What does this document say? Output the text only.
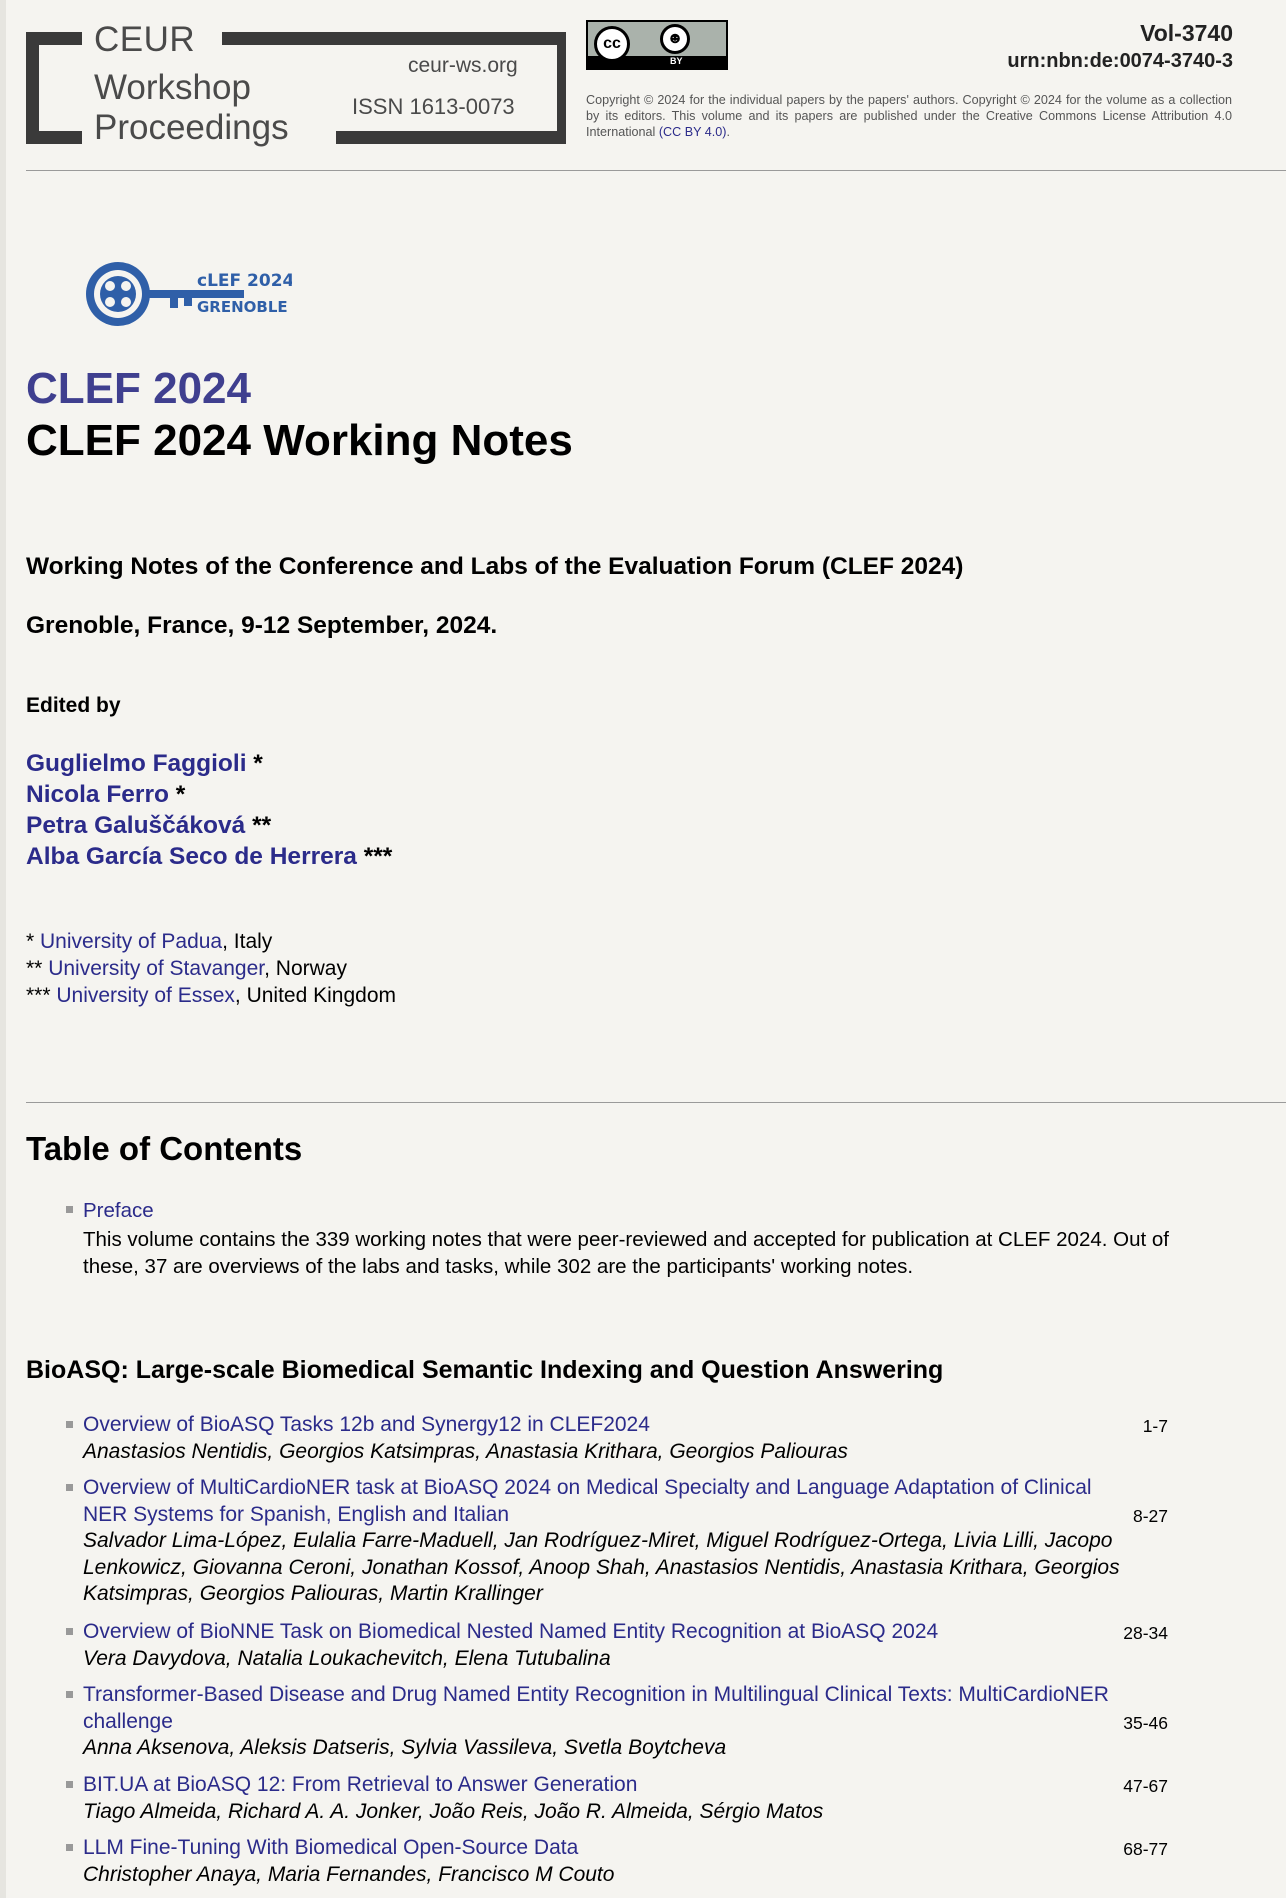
CEUR
Workshop
Proceedings
ceur-ws.org
ISSN 1613-0073
cc	☻
BY
Vol-3740
urn:nbn:de:0074-3740-3
Copyright © 2024 for the individual papers by the papers' authors. Copyright © 2024 for the volume as a collection by its editors. This volume and its papers are published under the Creative Commons License Attribution 4.0 International (CC BY 4.0).
cLEF 2024
GRENOBLE
CLEF 2024
CLEF 2024 Working Notes
Working Notes of the Conference and Labs of the Evaluation Forum (CLEF 2024)
Grenoble, France, 9-12 September, 2024.
Edited by
Guglielmo Faggioli *
Nicola Ferro *
Petra Galuščáková **
Alba García Seco de Herrera ***
* University of Padua, Italy
** University of Stavanger, Norway
*** University of Essex, United Kingdom
Table of Contents
Preface
This volume contains the 339 working notes that were peer-reviewed and accepted for publication at CLEF 2024. Out of these, 37 are overviews of the labs and tasks, while 302 are the participants' working notes.
BioASQ: Large-scale Biomedical Semantic Indexing and Question Answering
Overview of BioASQ Tasks 12b and Synergy12 in CLEF2024
Anastasios Nentidis, Georgios Katsimpras, Anastasia Krithara, Georgios Paliouras
1-7
Overview of MultiCardioNER task at BioASQ 2024 on Medical Specialty and Language Adaptation of Clinical NER Systems for Spanish, English and Italian
Salvador Lima-López, Eulalia Farre-Maduell, Jan Rodríguez-Miret, Miguel Rodríguez-Ortega, Livia Lilli, Jacopo Lenkowicz, Giovanna Ceroni, Jonathan Kossof, Anoop Shah, Anastasios Nentidis, Anastasia Krithara, Georgios Katsimpras, Georgios Paliouras, Martin Krallinger
8-27
Overview of BioNNE Task on Biomedical Nested Named Entity Recognition at BioASQ 2024
Vera Davydova, Natalia Loukachevitch, Elena Tutubalina
28-34
Transformer-Based Disease and Drug Named Entity Recognition in Multilingual Clinical Texts: MultiCardioNER challenge
Anna Aksenova, Aleksis Datseris, Sylvia Vassileva, Svetla Boytcheva
35-46
BIT.UA at BioASQ 12: From Retrieval to Answer Generation
Tiago Almeida, Richard A. A. Jonker, João Reis, João R. Almeida, Sérgio Matos
47-67
LLM Fine-Tuning With Biomedical Open-Source Data
Christopher Anaya, Maria Fernandes, Francisco M Couto
68-77
